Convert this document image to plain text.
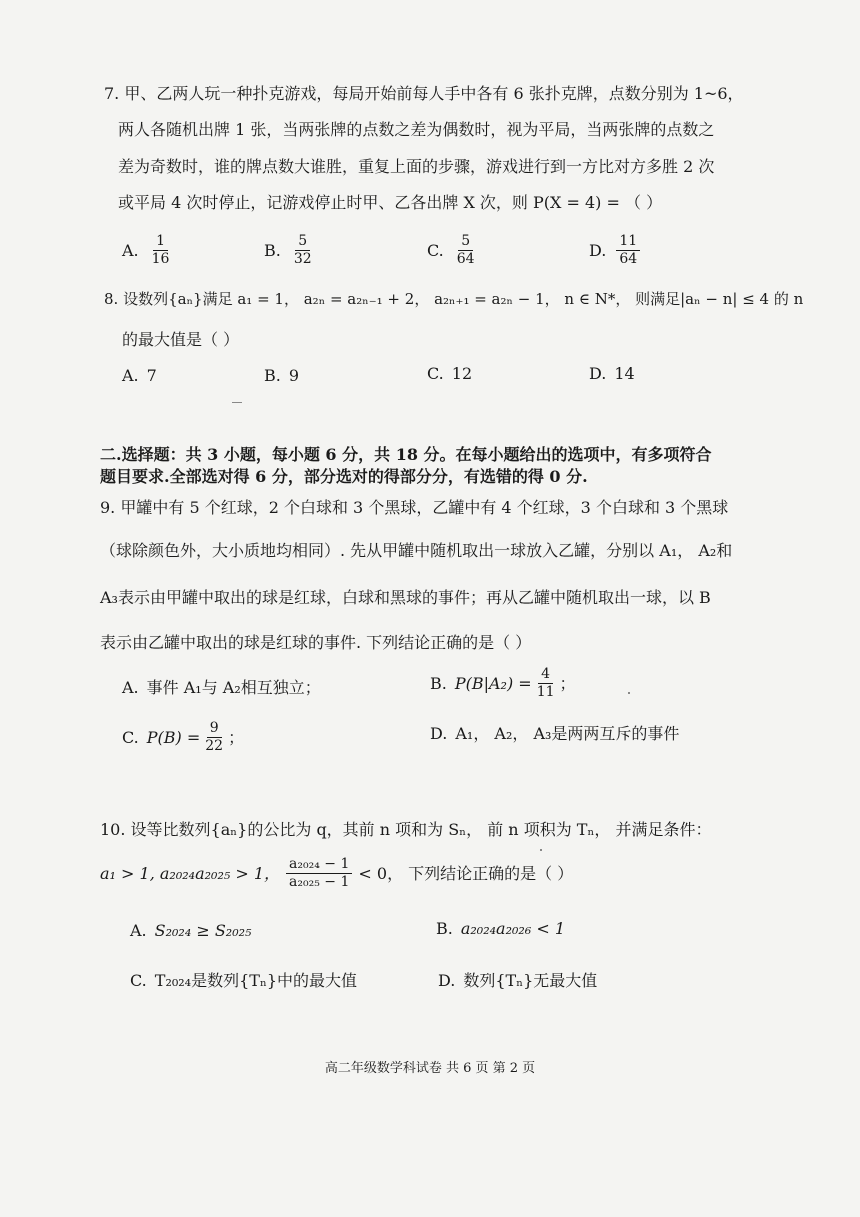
7. 甲、乙两人玩一种扑克游戏，每局开始前每人手中各有 6 张扑克牌，点数分别为 1~6，
两人各随机出牌 1 张，当两张牌的点数之差为偶数时，视为平局，当两张牌的点数之
差为奇数时，谁的牌点数大谁胜，重复上面的步骤，游戏进行到一方比对方多胜 2 次
或平局 4 次时停止，记游戏停止时甲、乙各出牌 X 次，则 P(X = 4) = （ ）
A. $\frac{1}{16}$	B. $\frac{5}{32}$	C. $\frac{5}{64}$	D. $\frac{11}{64}$
8. 设数列{aₙ}满足 a₁ = 1， a₂ₙ = a₂ₙ₋₁ + 2， a₂ₙ₊₁ = a₂ₙ − 1， n ∈ N*， 则满足|aₙ − n| ≤ 4 的 n
的最大值是（ ）
A. 7	B. 9	C. 12	D. 14
二.选择题：共 3 小题，每小题 6 分，共 18 分。在每小题给出的选项中，有多项符合
题目要求.全部选对得 6 分，部分选对的得部分分，有选错的得 0 分.
9. 甲罐中有 5 个红球，2 个白球和 3 个黑球，乙罐中有 4 个红球，3 个白球和 3 个黑球
（球除颜色外，大小质地均相同）. 先从甲罐中随机取出一球放入乙罐，分别以 A₁， A₂和
A₃表示由甲罐中取出的球是红球，白球和黑球的事件；再从乙罐中随机取出一球，以 B
表示由乙罐中取出的球是红球的事件. 下列结论正确的是（ ）
A. 事件 A₁与 A₂相互独立；	B. $P(B|A_2) = \frac{4}{11}$ ；
C. $P(B) = \frac{9}{22}$ ；	D. A₁， A₂， A₃是两两互斥的事件
10. 设等比数列{aₙ}的公比为 q，其前 n 项和为 Sₙ， 前 n 项积为 Tₙ， 并满足条件：
a₁ > 1, a₂₀₂₄a₂₀₂₅ > 1， $\frac{\text{a₂₀₂₄ − 1}}{\text{a₂₀₂₅ − 1}} < 0$， 下列结论正确的是（ ）
A. S₂₀₂₄ ≥ S₂₀₂₅	B. a₂₀₂₄a₂₀₂₆ < 1
C. T₂₀₂₄是数列{Tₙ}中的最大值	D. 数列{Tₙ}无最大值
高二年级数学科试卷 共 6 页 第 2 页
